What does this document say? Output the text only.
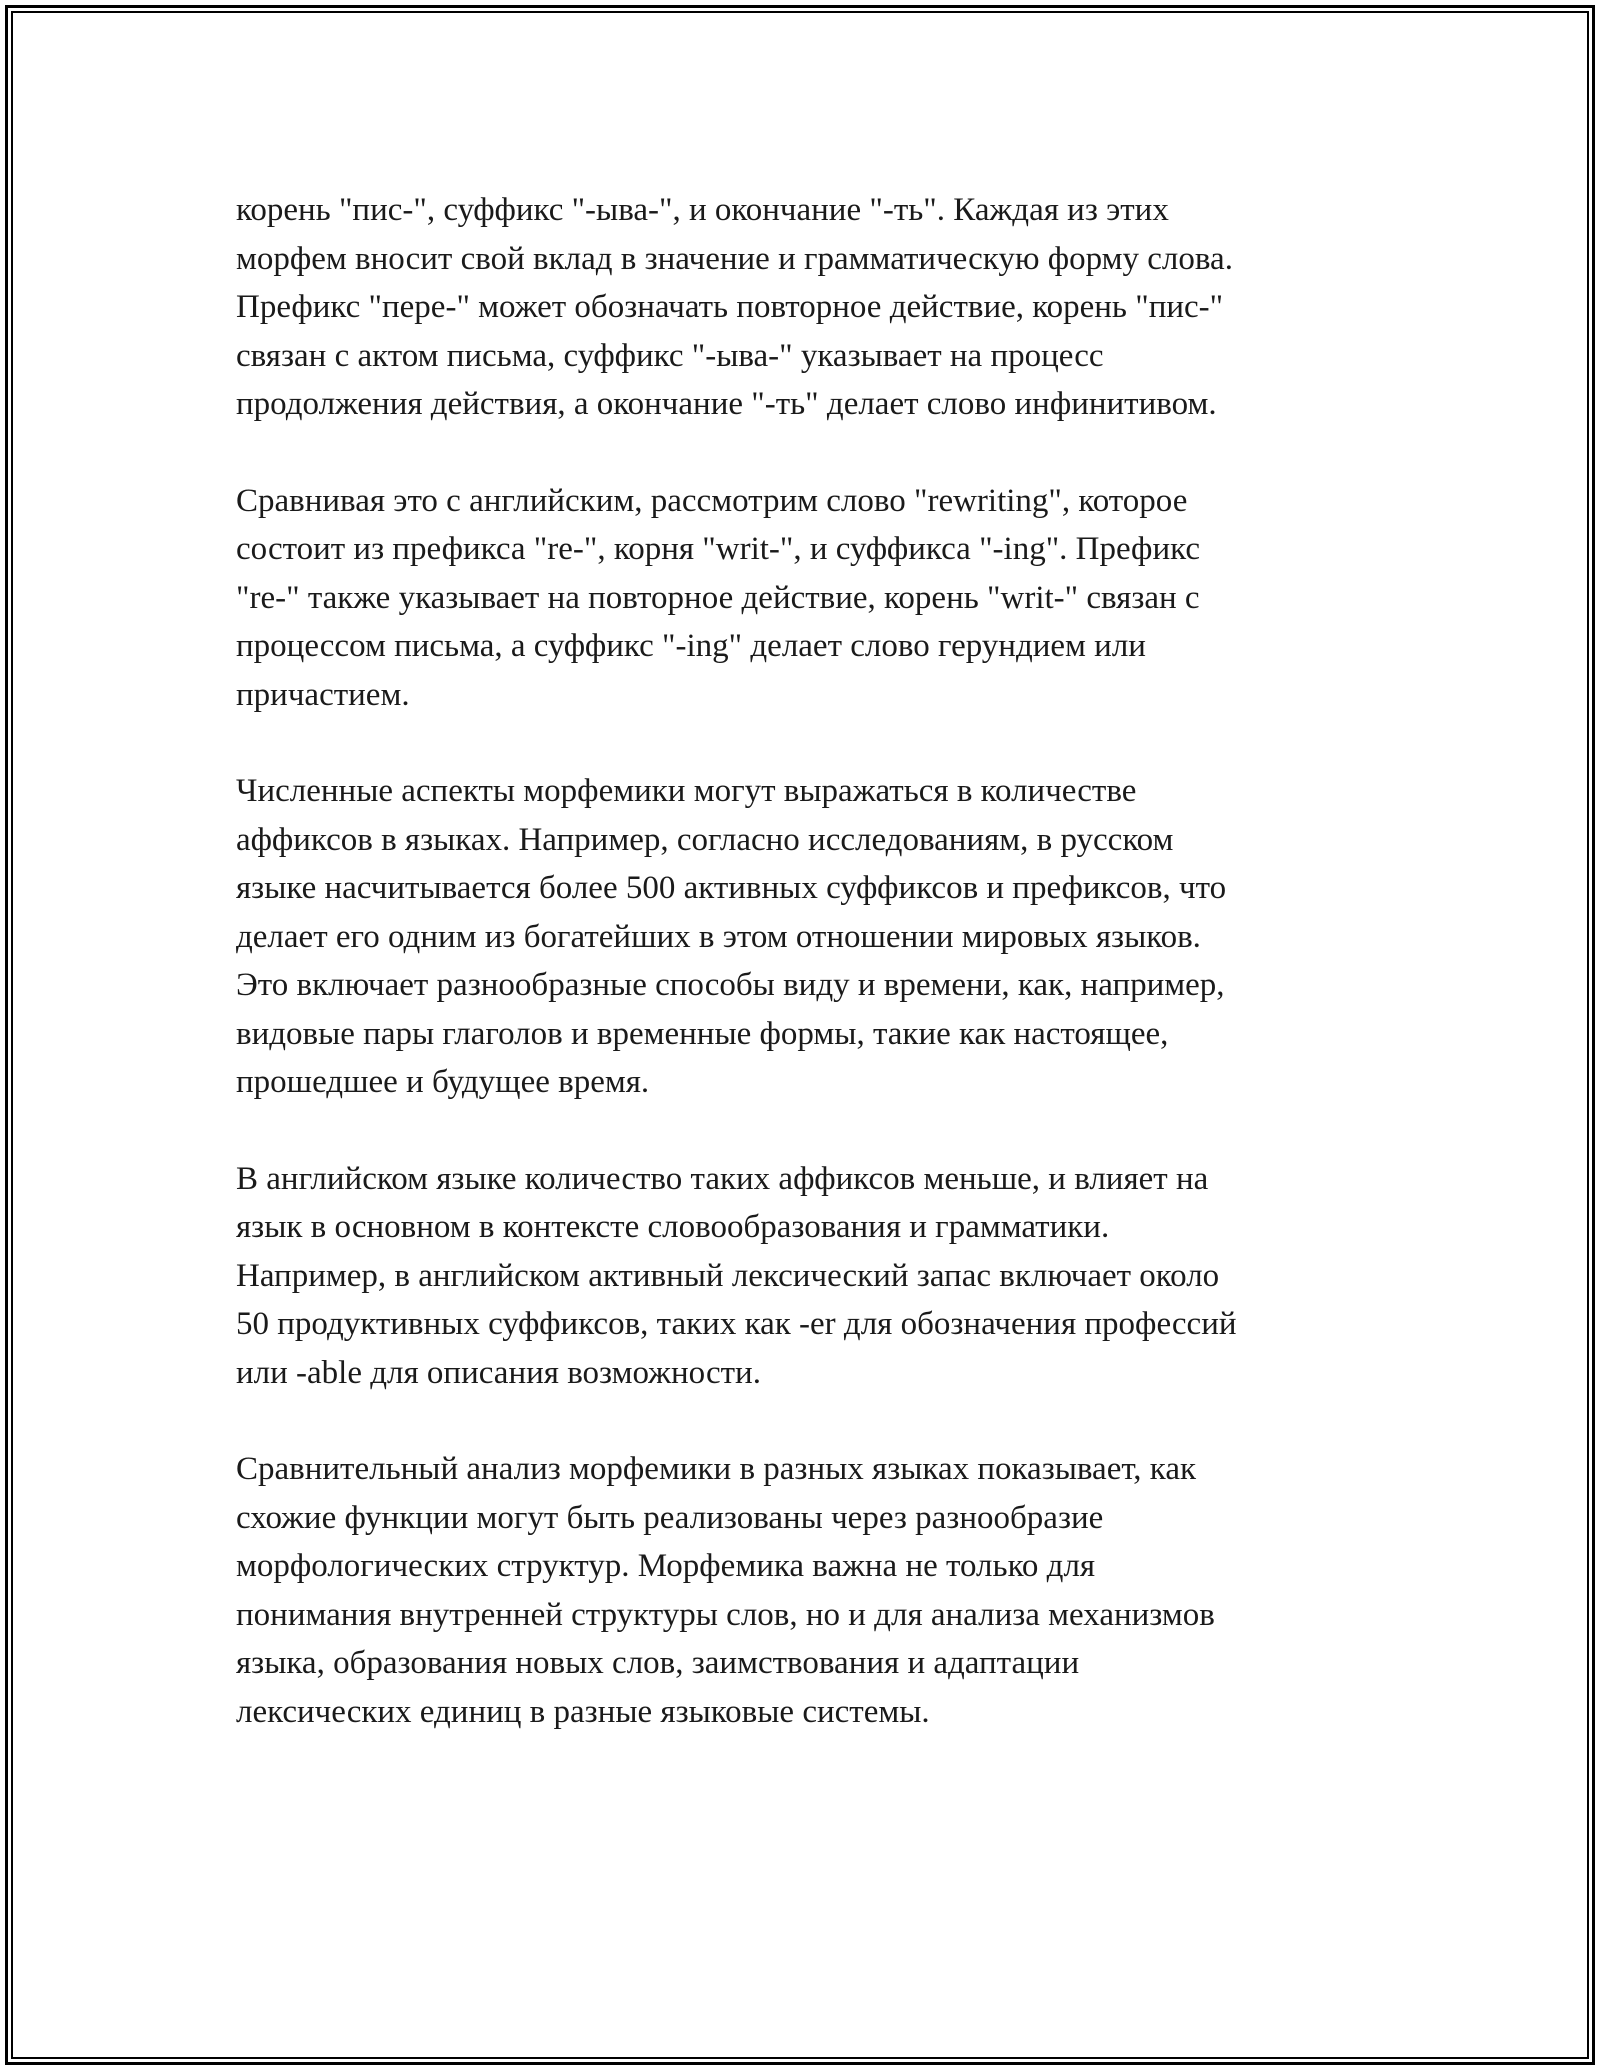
корень "пис-", суффикс "-ыва-", и окончание "-ть". Каждая из этих
морфем вносит свой вклад в значение и грамматическую форму слова.
Префикс "пере-" может обозначать повторное действие, корень "пис-"
связан с актом письма, суффикс "-ыва-" указывает на процесс
продолжения действия, а окончание "-ть" делает слово инфинитивом.

Сравнивая это с английским, рассмотрим слово "rewriting", которое
состоит из префикса "re-", корня "writ-", и суффикса "-ing". Префикс
"re-" также указывает на повторное действие, корень "writ-" связан с
процессом письма, а суффикс "-ing" делает слово герундием или
причастием.

Численные аспекты морфемики могут выражаться в количестве
аффиксов в языках. Например, согласно исследованиям, в русском
языке насчитывается более 500 активных суффиксов и префиксов, что
делает его одним из богатейших в этом отношении мировых языков.
Это включает разнообразные способы виду и времени, как, например,
видовые пары глаголов и временные формы, такие как настоящее,
прошедшее и будущее время.

В английском языке количество таких аффиксов меньше, и влияет на
язык в основном в контексте словообразования и грамматики.
Например, в английском активный лексический запас включает около
50 продуктивных суффиксов, таких как -er для обозначения профессий
или -able для описания возможности.

Сравнительный анализ морфемики в разных языках показывает, как
схожие функции могут быть реализованы через разнообразие
морфологических структур. Морфемика важна не только для
понимания внутренней структуры слов, но и для анализа механизмов
языка, образования новых слов, заимствования и адаптации
лексических единиц в разные языковые системы.
